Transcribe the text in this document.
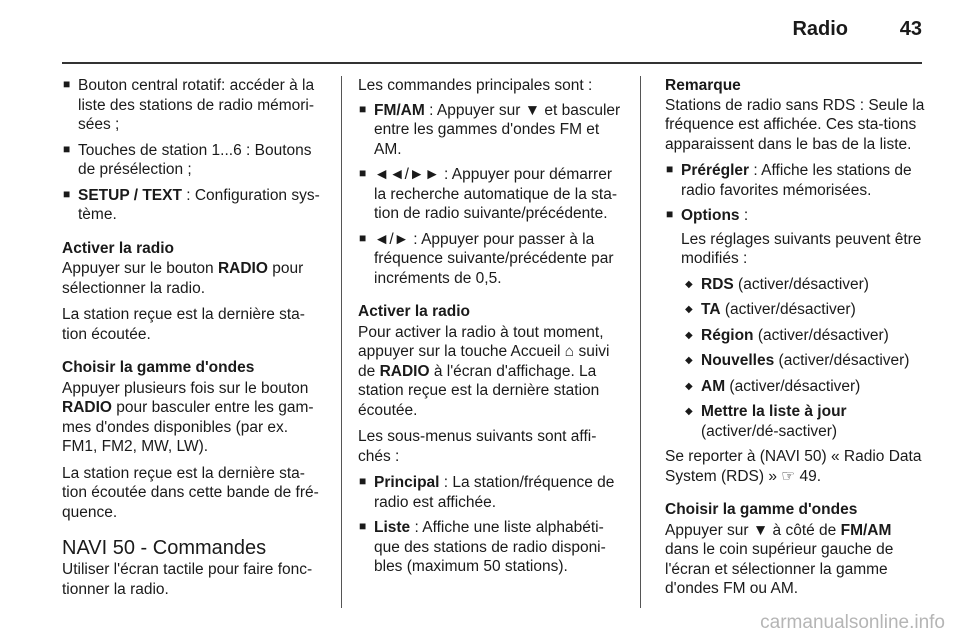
Radio	43
■ Bouton central rotatif: accéder à la liste des stations de radio mémori-sées ;
■ Touches de station 1...6 : Boutons de présélection ;
■ SETUP / TEXT : Configuration sys-tème.

Activer la radio

Appuyer sur le bouton RADIO pour sélectionner la radio.

La station reçue est la dernière sta-tion écoutée.

Choisir la gamme d'ondes

Appuyer plusieurs fois sur le bouton RADIO pour basculer entre les gam-mes d'ondes disponibles (par ex. FM1, FM2, MW, LW).

La station reçue est la dernière sta-tion écoutée dans cette bande de fré-quence.

NAVI 50 - Commandes

Utiliser l'écran tactile pour faire fonc-tionner la radio.

Les commandes principales sont :

■ FM/AM : Appuyer sur ▼ et basculer entre les gammes d'ondes FM et AM.
■ ◄◄/►► : Appuyer pour démarrer la recherche automatique de la sta-tion de radio suivante/précédente.
■ ◄/► : Appuyer pour passer à la fréquence suivante/précédente par incréments de 0,5.

Activer la radio

Pour activer la radio à tout moment, appuyer sur la touche Accueil ⌂ suivi de RADIO à l'écran d'affichage. La station reçue est la dernière station écoutée.

Les sous-menus suivants sont affi-chés :

■ Principal : La station/fréquence de radio est affichée.
■ Liste : Affiche une liste alphabéti-que des stations de radio disponi-bles (maximum 50 stations).

Remarque

Stations de radio sans RDS : Seule la fréquence est affichée. Ces sta-tions apparaissent dans le bas de la liste.

■ Prérégler : Affiche les stations de radio favorites mémorisées.
■ Options :

Les réglages suivants peuvent être modifiés :

◆ RDS (activer/désactiver)
◆ TA (activer/désactiver)
◆ Région (activer/désactiver)
◆ Nouvelles (activer/désactiver)
◆ AM (activer/désactiver)
◆ Mettre la liste à jour (activer/dé-sactiver)

Se reporter à (NAVI 50) « Radio Data System (RDS) » ☞ 49.

Choisir la gamme d'ondes

Appuyer sur ▼ à côté de FM/AM dans le coin supérieur gauche de l'écran et sélectionner la gamme d'ondes FM ou AM.

carmanualsonline.info
